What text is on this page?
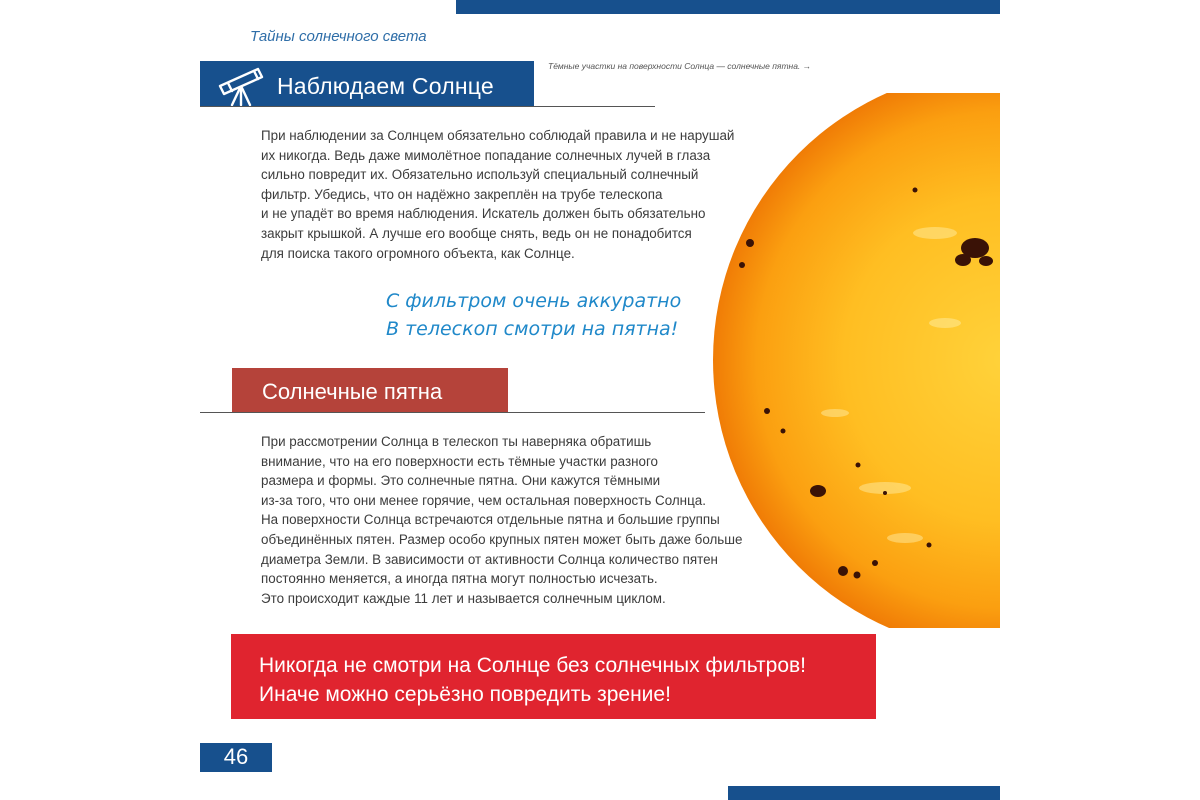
Тайны солнечного света
Наблюдаем Солнце
Тёмные участки на поверхности Солнца — солнечные пятна. →
При наблюдении за Солнцем обязательно соблюдай правила и не нарушай
их никогда. Ведь даже мимолётное попадание солнечных лучей в глаза
сильно повредит их. Обязательно используй специальный солнечный
фильтр. Убедись, что он надёжно закреплён на трубе телескопа
и не упадёт во время наблюдения. Искатель должен быть обязательно
закрыт крышкой. А лучше его вообще снять, ведь он не понадобится
для поиска такого огромного объекта, как Солнце.
С фильтром очень аккуратно
В телескоп смотри на пятна!
Солнечные пятна
При рассмотрении Солнца в телескоп ты наверняка обратишь
внимание, что на его поверхности есть тёмные участки разного
размера и формы. Это солнечные пятна. Они кажутся тёмными
из-за того, что они менее горячие, чем остальная поверхность Солнца.
На поверхности Солнца встречаются отдельные пятна и большие группы
объединённых пятен. Размер особо крупных пятен может быть даже больше
диаметра Земли. В зависимости от активности Солнца количество пятен
постоянно меняется, а иногда пятна могут полностью исчезать.
Это происходит каждые 11 лет и называется солнечным циклом.
Никогда не смотри на Солнце без солнечных фильтров!
Иначе можно серьёзно повредить зрение!
46
